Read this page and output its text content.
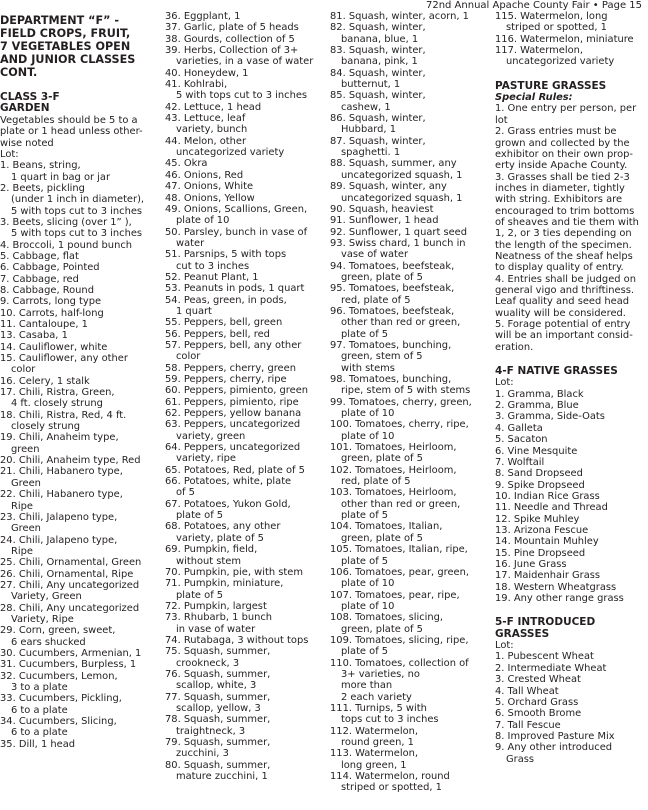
72nd Annual Apache County Fair • Page 15
DEPARTMENT “F” -
FIELD CROPS, FRUIT,
7 VEGETABLES OPEN
AND JUNIOR CLASSES
CONT.
CLASS 3-F
GARDEN
Vegetables should be 5 to a
plate or 1 head unless other-
wise noted
Lot:
1. Beans, string,
1 quart in bag or jar
2. Beets, pickling
(under 1 inch in diameter),
5 with tops cut to 3 inches
3. Beets, slicing (over 1” ),
5 with tops cut to 3 inches
4. Broccoli, 1 pound bunch
5. Cabbage, flat
6. Cabbage, Pointed
7. Cabbage, red
8. Cabbage, Round
9. Carrots, long type
10. Carrots, half-long
11. Cantaloupe, 1
13. Casaba, 1
14. Cauliflower, white
15. Cauliflower, any other
color
16. Celery, 1 stalk
17. Chili, Ristra, Green,
4 ft. closely strung
18. Chili, Ristra, Red, 4 ft.
closely strung
19. Chili, Anaheim type,
green
20. Chili, Anaheim type, Red
21. Chili, Habanero type,
Green
22. Chili, Habanero type,
Ripe
23. Chili, Jalapeno type,
Green
24. Chili, Jalapeno type,
Ripe
25. Chili, Ornamental, Green
26. Chili, Ornamental, Ripe
27. Chili, Any uncategorized
Variety, Green
28. Chili, Any uncategorized
Variety, Ripe
29. Corn, green, sweet,
6 ears shucked
30. Cucumbers, Armenian, 1
31. Cucumbers, Burpless, 1
32. Cucumbers, Lemon,
3 to a plate
33. Cucumbers, Pickling,
6 to a plate
34. Cucumbers, Slicing,
6 to a plate
35. Dill, 1 head
36. Eggplant, 1
37. Garlic, plate of 5 heads
38. Gourds, collection of 5
39. Herbs, Collection of 3+
varieties, in a vase of water
40. Honeydew, 1
41. Kohlrabi,
5 with tops cut to 3 inches
42. Lettuce, 1 head
43. Lettuce, leaf
variety, bunch
44. Melon, other
uncategorized variety
45. Okra
46. Onions, Red
47. Onions, White
48. Onions, Yellow
49. Onions, Scallions, Green,
plate of 10
50. Parsley, bunch in vase of
water
51. Parsnips, 5 with tops
cut to 3 inches
52. Peanut Plant, 1
53. Peanuts in pods, 1 quart
54. Peas, green, in pods,
1 quart
55. Peppers, bell, green
56. Peppers, bell, red
57. Peppers, bell, any other
color
58. Peppers, cherry, green
59. Peppers, cherry, ripe
60. Peppers, pimiento, green
61. Peppers, pimiento, ripe
62. Peppers, yellow banana
63. Peppers, uncategorized
variety, green
64. Peppers, uncategorized
variety, ripe
65. Potatoes, Red, plate of 5
66. Potatoes, white, plate
of 5
67. Potatoes, Yukon Gold,
plate of 5
68. Potatoes, any other
variety, plate of 5
69. Pumpkin, field,
without stem
70. Pumpkin, pie, with stem
71. Pumpkin, miniature,
plate of 5
72. Pumpkin, largest
73. Rhubarb, 1 bunch
in vase of water
74. Rutabaga, 3 without tops
75. Squash, summer,
crookneck, 3
76. Squash, summer,
scallop, white, 3
77. Squash, summer,
scallop, yellow, 3
78. Squash, summer,
traightneck, 3
79. Squash, summer,
zucchini, 3
80. Squash, summer,
mature zucchini, 1
81. Squash, winter, acorn, 1
82. Squash, winter,
banana, blue, 1
83. Squash, winter,
banana, pink, 1
84. Squash, winter,
butternut, 1
85. Squash, winter,
cashew, 1
86. Squash, winter,
Hubbard, 1
87. Squash, winter,
spaghetti. 1
88. Squash, summer, any
uncategorized squash, 1
89. Squash, winter, any
uncategorized squash, 1
90. Squash, heaviest
91. Sunflower, 1 head
92. Sunflower, 1 quart seed
93. Swiss chard, 1 bunch in
vase of water
94. Tomatoes, beefsteak,
green, plate of 5
95. Tomatoes, beefsteak,
red, plate of 5
96. Tomatoes, beefsteak,
other than red or green,
plate of 5
97. Tomatoes, bunching,
green, stem of 5
with stems
98. Tomatoes, bunching,
ripe, stem of 5 with stems
99. Tomatoes, cherry, green,
plate of 10
100. Tomatoes, cherry, ripe,
plate of 10
101. Tomatoes, Heirloom,
green, plate of 5
102. Tomatoes, Heirloom,
red, plate of 5
103. Tomatoes, Heirloom,
other than red or green,
plate of 5
104. Tomatoes, Italian,
green, plate of 5
105. Tomatoes, Italian, ripe,
plate of 5
106. Tomatoes, pear, green,
plate of 10
107. Tomatoes, pear, ripe,
plate of 10
108. Tomatoes, slicing,
green, plate of 5
109. Tomatoes, slicing, ripe,
plate of 5
110. Tomatoes, collection of
3+ varieties, no
more than
2 each variety
111. Turnips, 5 with
tops cut to 3 inches
112. Watermelon,
round green, 1
113. Watermelon,
long green, 1
114. Watermelon, round
striped or spotted, 1
115. Watermelon, long
striped or spotted, 1
116. Watermelon, miniature
117. Watermelon,
uncategorized variety
PASTURE GRASSES
Special Rules:
1. One entry per person, per
lot
2. Grass entries must be
grown and collected by the
exhibitor on their own prop-
erty inside Apache County.
3. Grasses shall be tied 2-3
inches in diameter, tightly
with string. Exhibitors are
encouraged to trim bottoms
of sheaves and tie them with
1, 2, or 3 ties depending on
the length of the specimen.
Neatness of the sheaf helps
to display quality of entry.
4. Entries shall be judged on
general vigo and thriftiness.
Leaf quality and seed head
wuality will be considered.
5. Forage potential of entry
will be an important consid-
eration.
4-F NATIVE GRASSES
Lot:
1. Gramma, Black
2. Gramma, Blue
3. Gramma, Side-Oats
4. Galleta
5. Sacaton
6. Vine Mesquite
7. Wolftail
8. Sand Dropseed
9. Spike Dropseed
10. Indian Rice Grass
11. Needle and Thread
12. Spike Muhley
13. Arizona Fescue
14. Mountain Muhley
15. Pine Dropseed
16. June Grass
17. Maidenhair Grass
18. Western Wheatgrass
19. Any other range grass
5-F INTRODUCED GRASSES
Lot:
1. Pubescent Wheat
2. Intermediate Wheat
3. Crested Wheat
4. Tall Wheat
5. Orchard Grass
6. Smooth Brome
7. Tall Fescue
8. Improved Pasture Mix
9. Any other introduced
Grass
